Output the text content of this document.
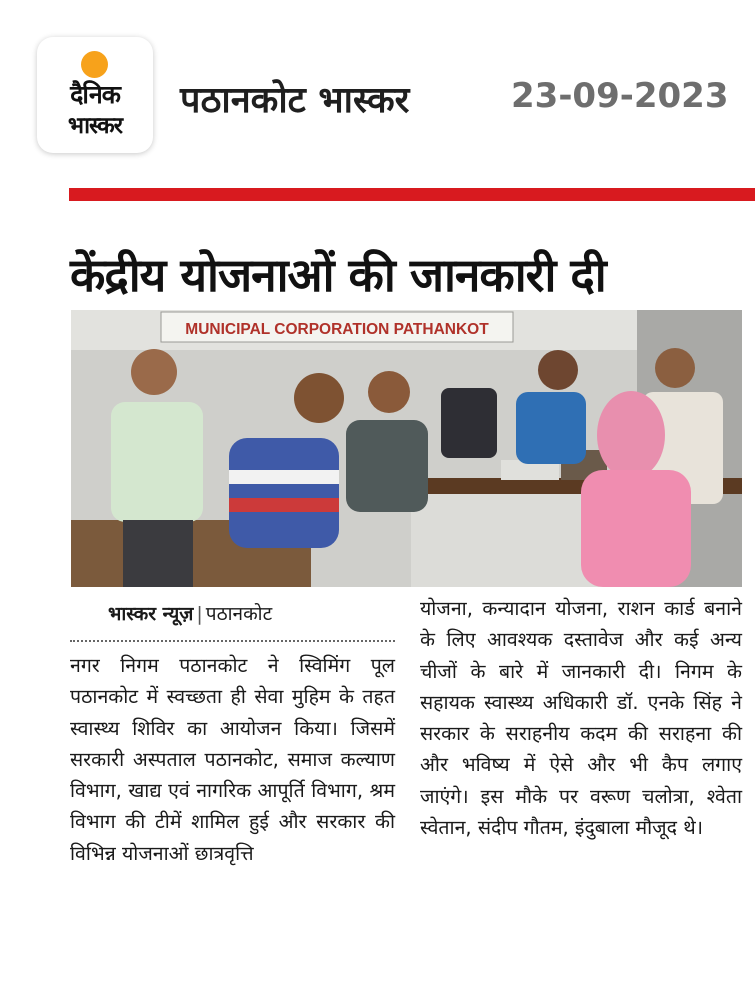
दैनिक
भास्कर
पठानकोट भास्कर	23-09-2023
केंद्रीय योजनाओं की जानकारी दी
MUNICIPAL CORPORATION PATHANKOT
भास्कर न्यूज़ | पठानकोट
नगर निगम पठानकोट ने स्विमिंग पूल पठानकोट में स्वच्छता ही सेवा मुहिम के तहत स्वास्थ्य शिविर का आयोजन किया। जिसमें सरकारी अस्पताल पठानकोट, समाज कल्याण विभाग, खाद्य एवं नागरिक आपूर्ति विभाग, श्रम विभाग की टीमें शामिल हुई और सरकार की विभिन्न योजनाओं छात्रवृत्ति
योजना, कन्यादान योजना, राशन कार्ड बनाने के लिए आवश्यक दस्तावेज और कई अन्य चीजों के बारे में जानकारी दी। निगम के सहायक स्वास्थ्य अधिकारी डॉ. एनके सिंह ने सरकार के सराहनीय कदम की सराहना की और भविष्य में ऐसे और भी कैप लगाए जाएंगे। इस मौके पर वरूण चलोत्रा, श्वेता स्वेतान, संदीप गौतम, इंदुबाला मौजूद थे।
